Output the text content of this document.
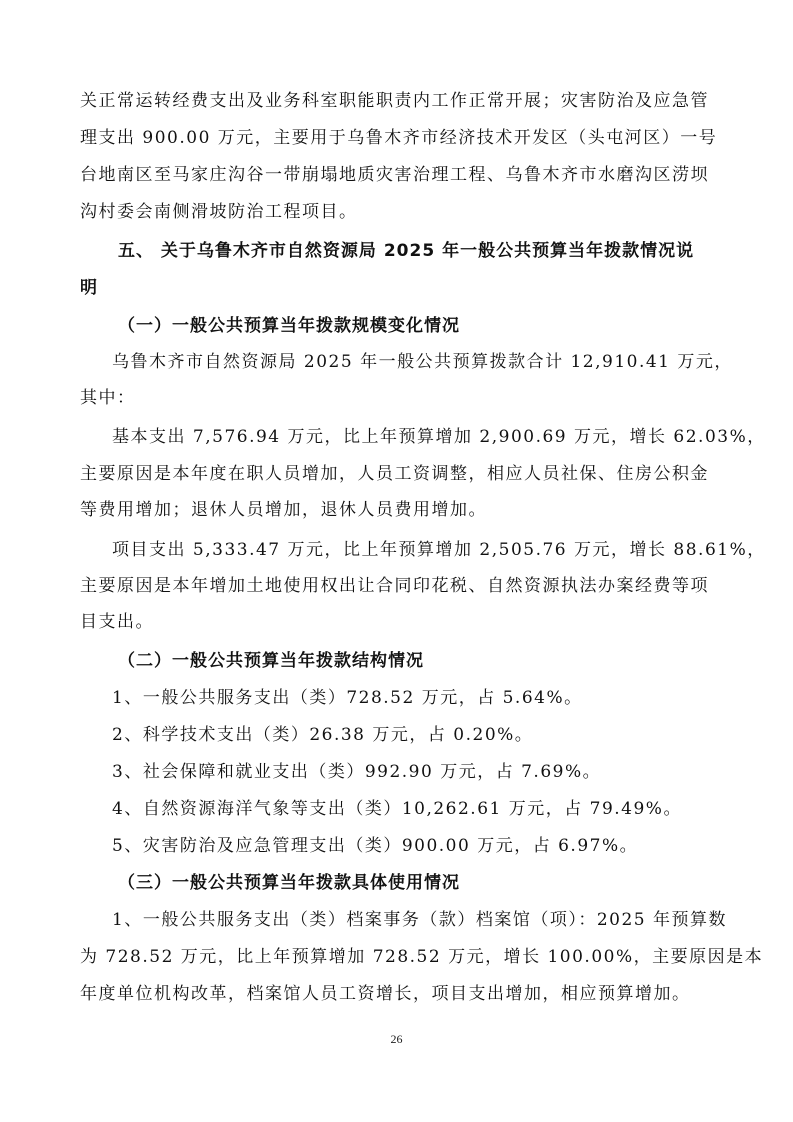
关正常运转经费支出及业务科室职能职责内工作正常开展；灾害防治及应急管
理支出 900.00 万元，主要用于乌鲁木齐市经济技术开发区（头屯河区）一号
台地南区至马家庄沟谷一带崩塌地质灾害治理工程、乌鲁木齐市水磨沟区涝坝
沟村委会南侧滑坡防治工程项目。
五、 关于乌鲁木齐市自然资源局 2025 年一般公共预算当年拨款情况说
明
（一）一般公共预算当年拨款规模变化情况
乌鲁木齐市自然资源局 2025 年一般公共预算拨款合计 12,910.41 万元，
其中：
基本支出 7,576.94 万元，比上年预算增加 2,900.69 万元，增长 62.03%，
主要原因是本年度在职人员增加，人员工资调整，相应人员社保、住房公积金
等费用增加；退休人员增加，退休人员费用增加。
项目支出 5,333.47 万元，比上年预算增加 2,505.76 万元，增长 88.61%，
主要原因是本年增加土地使用权出让合同印花税、自然资源执法办案经费等项
目支出。
（二）一般公共预算当年拨款结构情况
1、一般公共服务支出（类）728.52 万元，占 5.64%。
2、科学技术支出（类）26.38 万元，占 0.20%。
3、社会保障和就业支出（类）992.90 万元，占 7.69%。
4、自然资源海洋气象等支出（类）10,262.61 万元，占 79.49%。
5、灾害防治及应急管理支出（类）900.00 万元，占 6.97%。
（三）一般公共预算当年拨款具体使用情况
1、一般公共服务支出（类）档案事务（款）档案馆（项）：2025 年预算数
为 728.52 万元，比上年预算增加 728.52 万元，增长 100.00%，主要原因是本
年度单位机构改革，档案馆人员工资增长，项目支出增加，相应预算增加。
26
